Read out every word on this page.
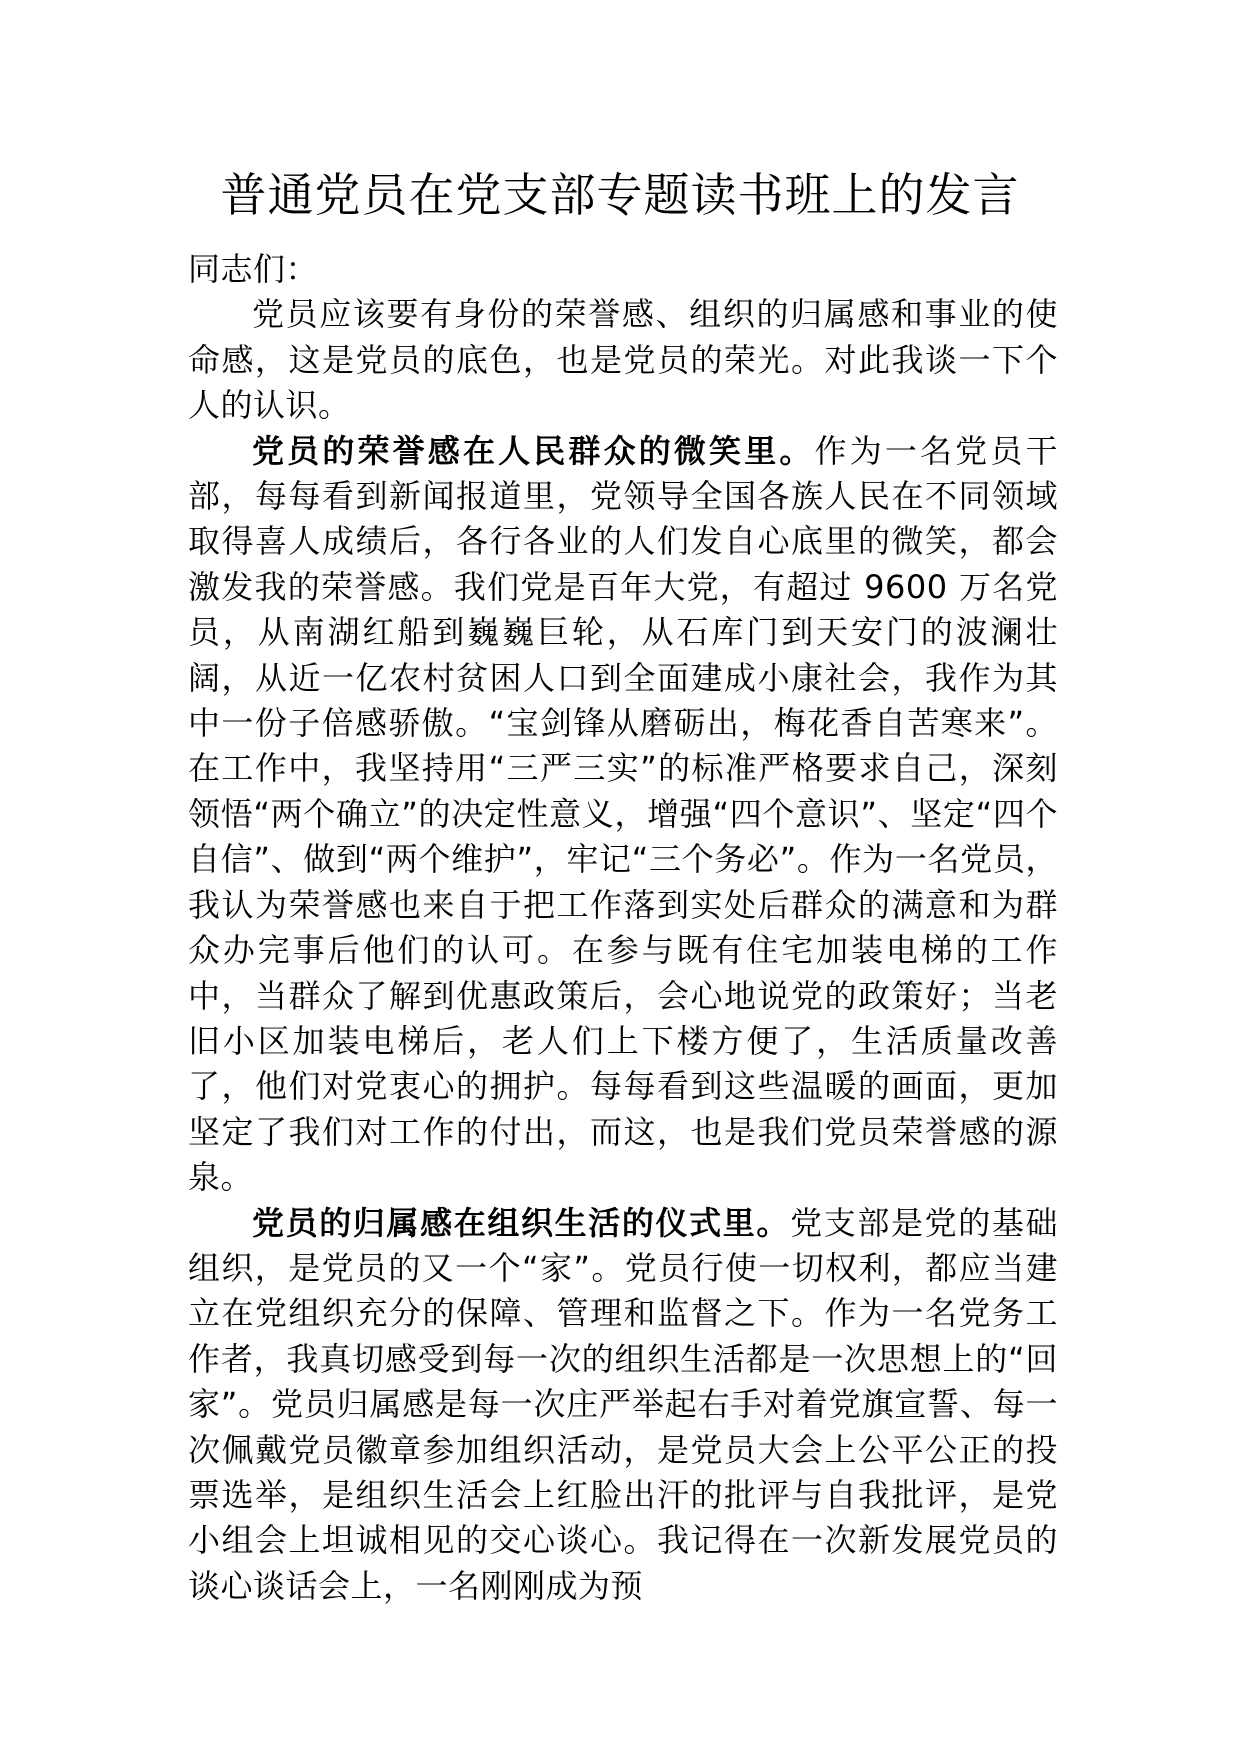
普通党员在党支部专题读书班上的发言

同志们：

党员应该要有身份的荣誉感、组织的归属感和事业的使命感，这是党员的底色，也是党员的荣光。对此我谈一下个人的认识。

党员的荣誉感在人民群众的微笑里。作为一名党员干部，每每看到新闻报道里，党领导全国各族人民在不同领域取得喜人成绩后，各行各业的人们发自心底里的微笑，都会激发我的荣誉感。我们党是百年大党，有超过 9600 万名党员，从南湖红船到巍巍巨轮，从石库门到天安门的波澜壮阔，从近一亿农村贫困人口到全面建成小康社会，我作为其中一份子倍感骄傲。“宝剑锋从磨砺出，梅花香自苦寒来”。在工作中，我坚持用“三严三实”的标准严格要求自己，深刻领悟“两个确立”的决定性意义，增强“四个意识”、坚定“四个自信”、做到“两个维护”，牢记“三个务必”。作为一名党员，我认为荣誉感也来自于把工作落到实处后群众的满意和为群众办完事后他们的认可。在参与既有住宅加装电梯的工作中，当群众了解到优惠政策后，会心地说党的政策好；当老旧小区加装电梯后，老人们上下楼方便了，生活质量改善了，他们对党衷心的拥护。每每看到这些温暖的画面，更加坚定了我们对工作的付出，而这，也是我们党员荣誉感的源泉。

党员的归属感在组织生活的仪式里。党支部是党的基础组织，是党员的又一个“家”。党员行使一切权利，都应当建立在党组织充分的保障、管理和监督之下。作为一名党务工作者，我真切感受到每一次的组织生活都是一次思想上的“回家”。党员归属感是每一次庄严举起右手对着党旗宣誓、每一次佩戴党员徽章参加组织活动，是党员大会上公平公正的投票选举，是组织生活会上红脸出汗的批评与自我批评，是党小组会上坦诚相见的交心谈心。我记得在一次新发展党员的谈心谈话会上，一名刚刚成为预
